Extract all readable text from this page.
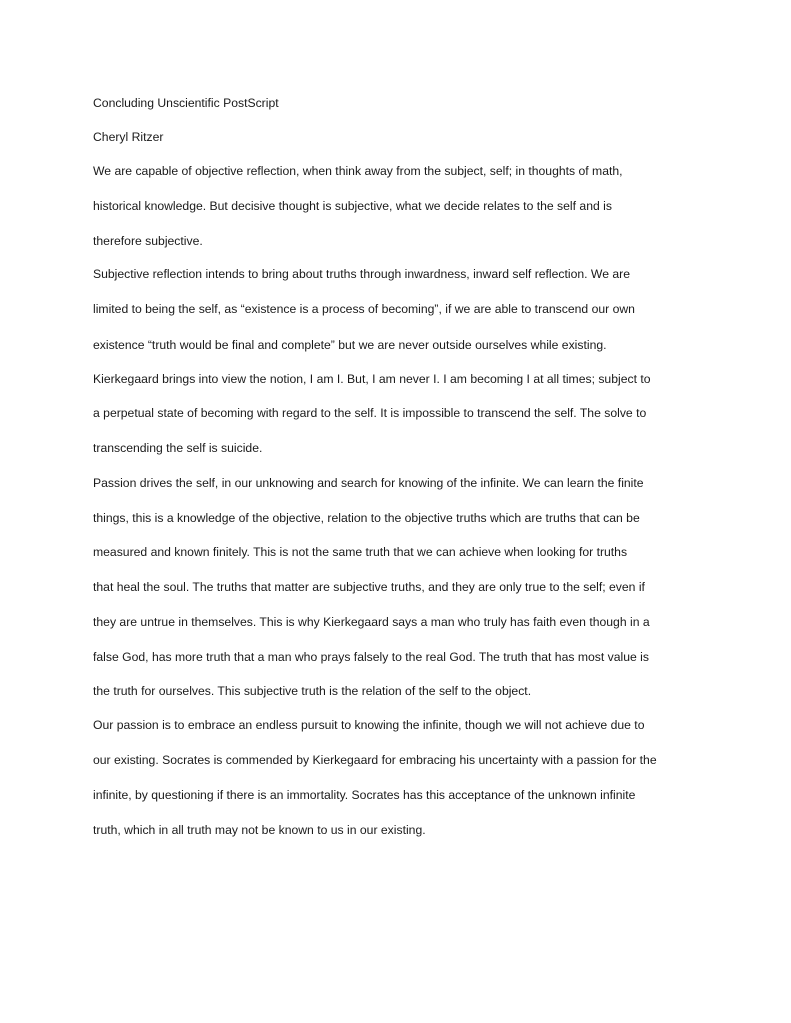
Concluding Unscientific PostScript

Cheryl Ritzer

We are capable of objective reflection, when think away from the subject, self; in thoughts of math,

historical knowledge. But decisive thought is subjective, what we decide relates to the self and is

therefore subjective.

Subjective reflection intends to bring about truths through inwardness, inward self reflection. We are

limited to being the self, as “existence is a process of becoming”, if we are able to transcend our own

existence “truth would be final and complete” but we are never outside ourselves while existing.

Kierkegaard brings into view the notion, I am I. But, I am never I. I am becoming I at all times; subject to

a perpetual state of becoming with regard to the self. It is impossible to transcend the self. The solve to

transcending the self is suicide.

Passion drives the self, in our unknowing and search for knowing of the infinite. We can learn the finite

things, this is a knowledge of the objective, relation to the objective truths which are truths that can be

measured and known finitely. This is not the same truth that we can achieve when looking for truths

that heal the soul. The truths that matter are subjective truths, and they are only true to the self; even if

they are untrue in themselves. This is why Kierkegaard says a man who truly has faith even though in a

false God, has more truth that a man who prays falsely to the real God. The truth that has most value is

the truth for ourselves. This subjective truth is the relation of the self to the object.

Our passion is to embrace an endless pursuit to knowing the infinite, though we will not achieve due to

our existing. Socrates is commended by Kierkegaard for embracing his uncertainty with a passion for the

infinite, by questioning if there is an immortality. Socrates has this acceptance of the unknown infinite

truth, which in all truth may not be known to us in our existing.
